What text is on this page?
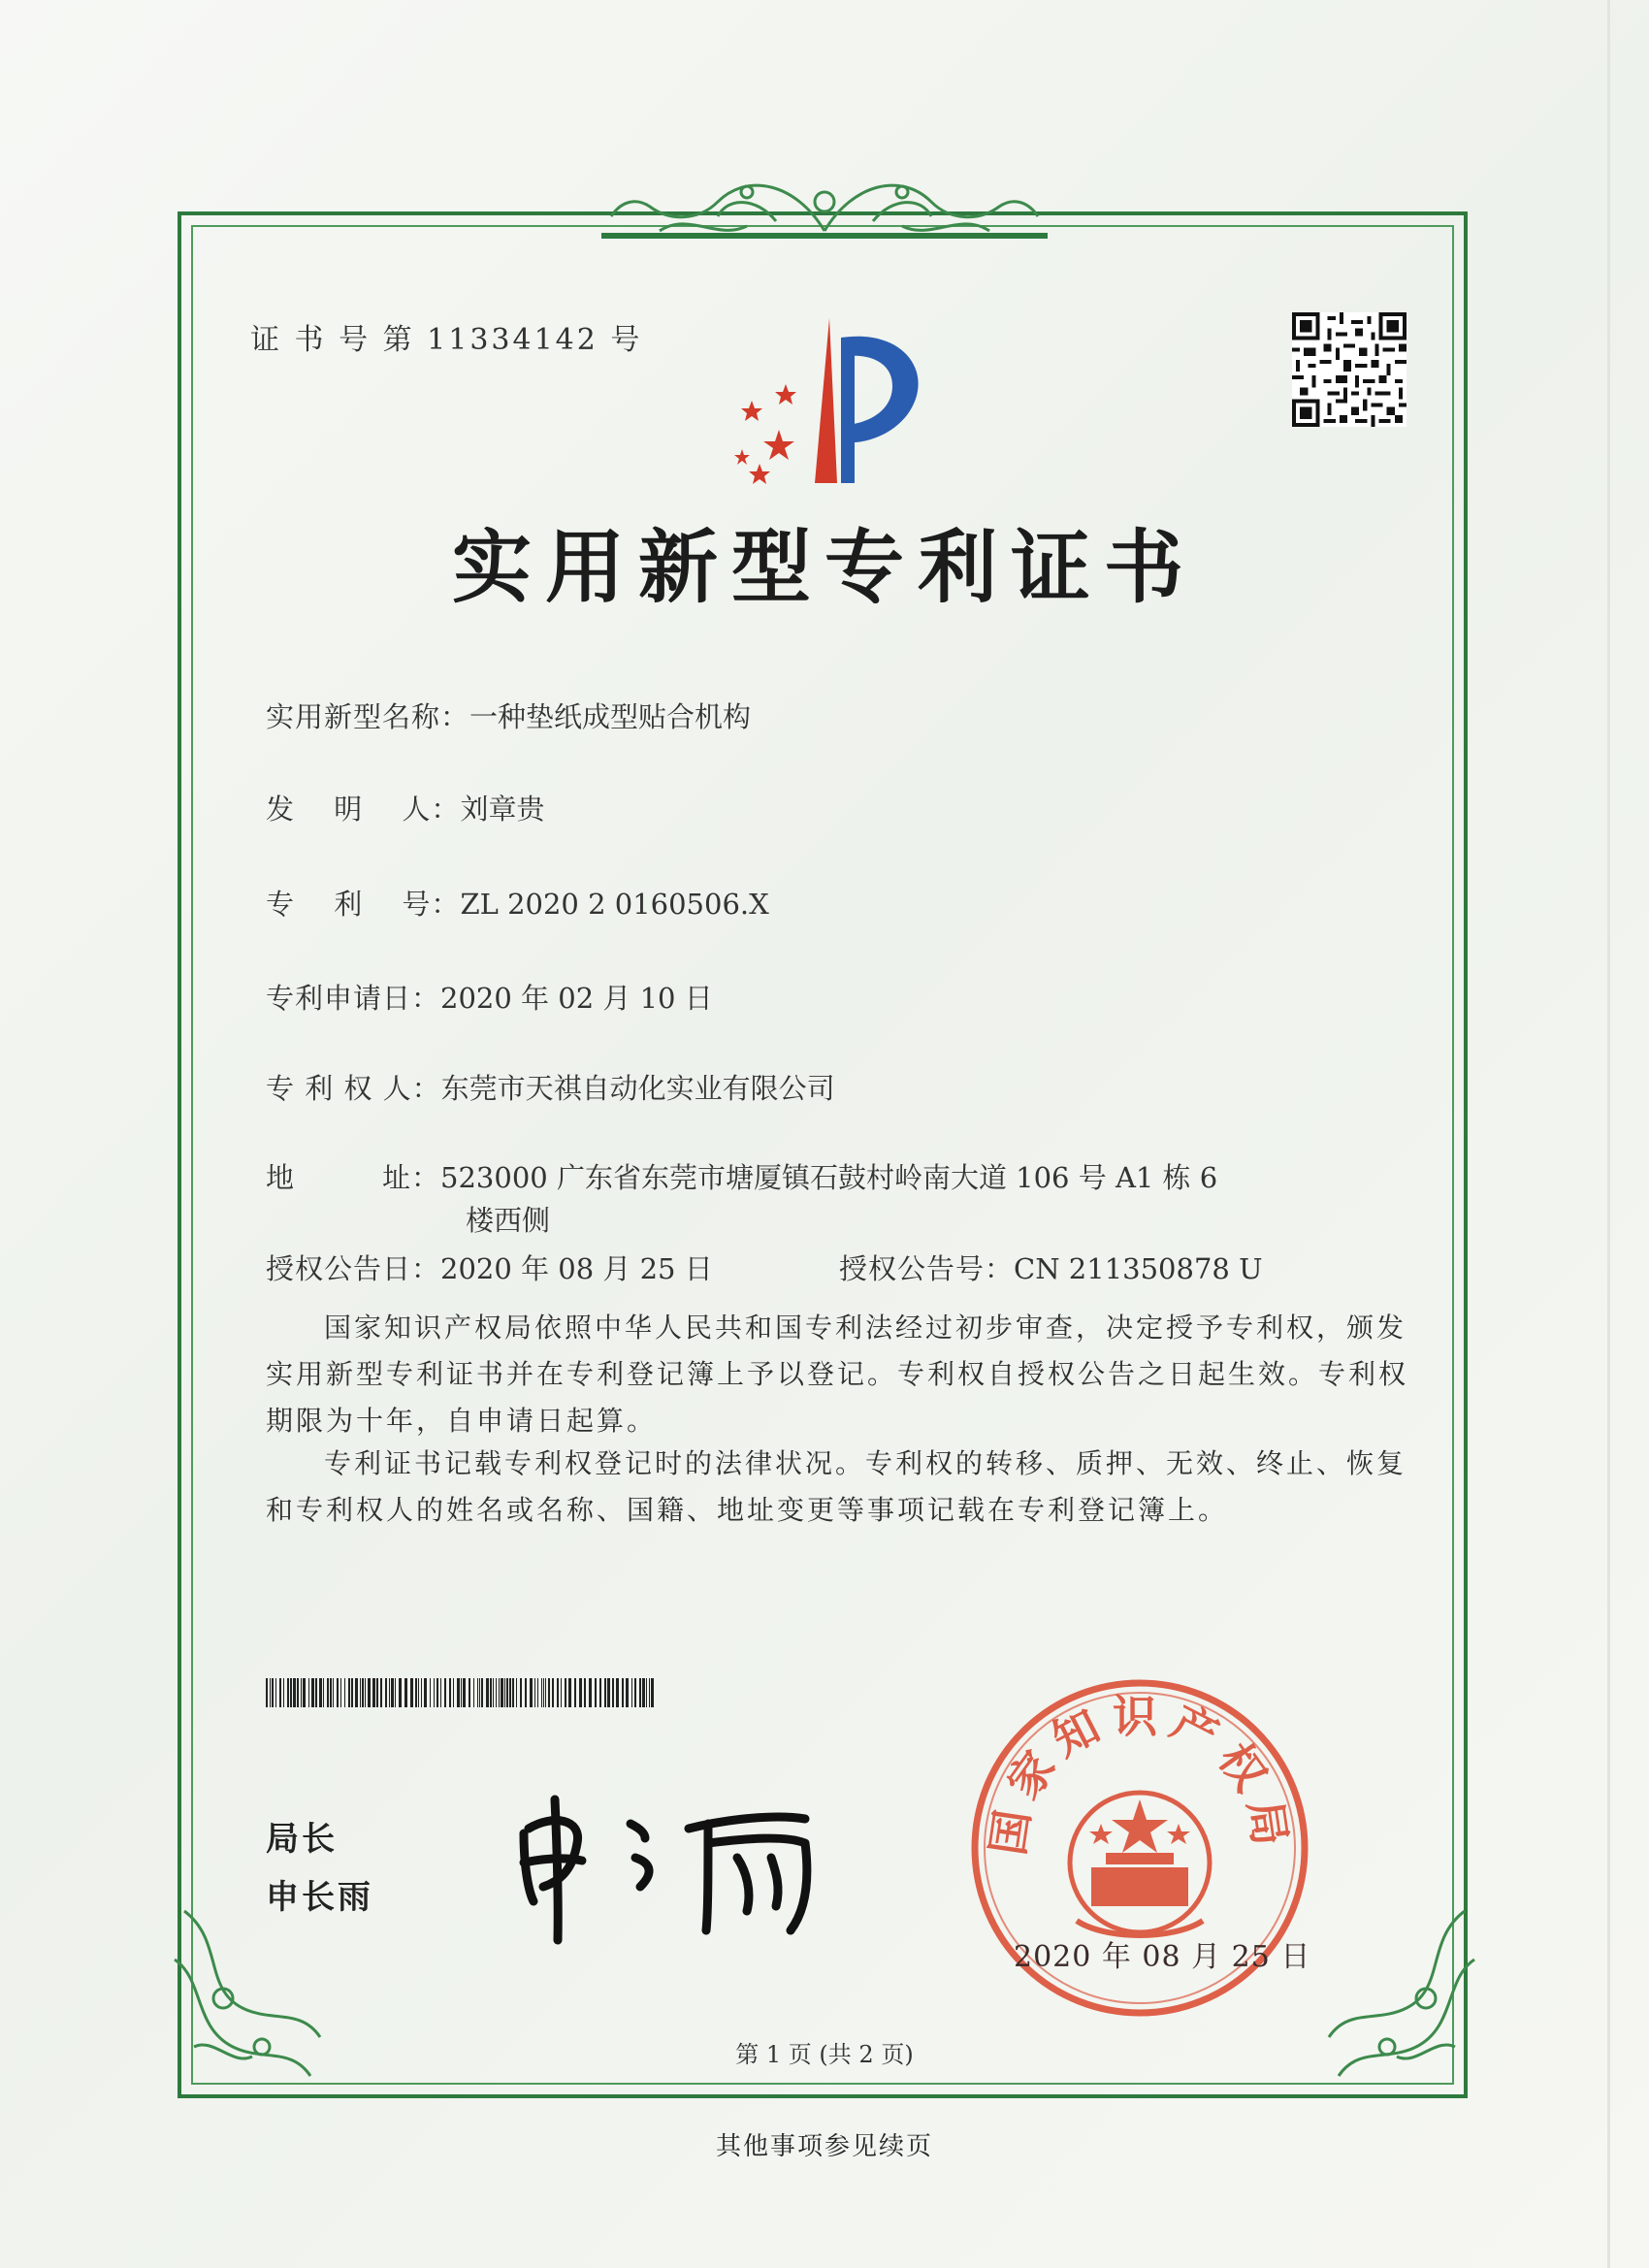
证 书 号 第 11334142 号
实用新型专利证书
实用新型名称：一种垫纸成型贴合机构
发　 明　 人：刘章贵
专　 利　 号：ZL 2020 2 0160506.X
专利申请日：2020 年 02 月 10 日
专 利 权 人：东莞市天祺自动化实业有限公司
地　　　址：523000 广东省东莞市塘厦镇石鼓村岭南大道 106 号 A1 栋 6
楼西侧
授权公告日：2020 年 08 月 25 日	授权公告号：CN 211350878 U
国家知识产权局依照中华人民共和国专利法经过初步审查，决定授予专利权，颁发实用新型专利证书并在专利登记簿上予以登记。专利权自授权公告之日起生效。专利权期限为十年，自申请日起算。
专利证书记载专利权登记时的法律状况。专利权的转移、质押、无效、终止、恢复和专利权人的姓名或名称、国籍、地址变更等事项记载在专利登记簿上。
局长
申长雨
国家知识产权局
2020 年 08 月 25 日
第 1 页 (共 2 页)
其他事项参见续页
